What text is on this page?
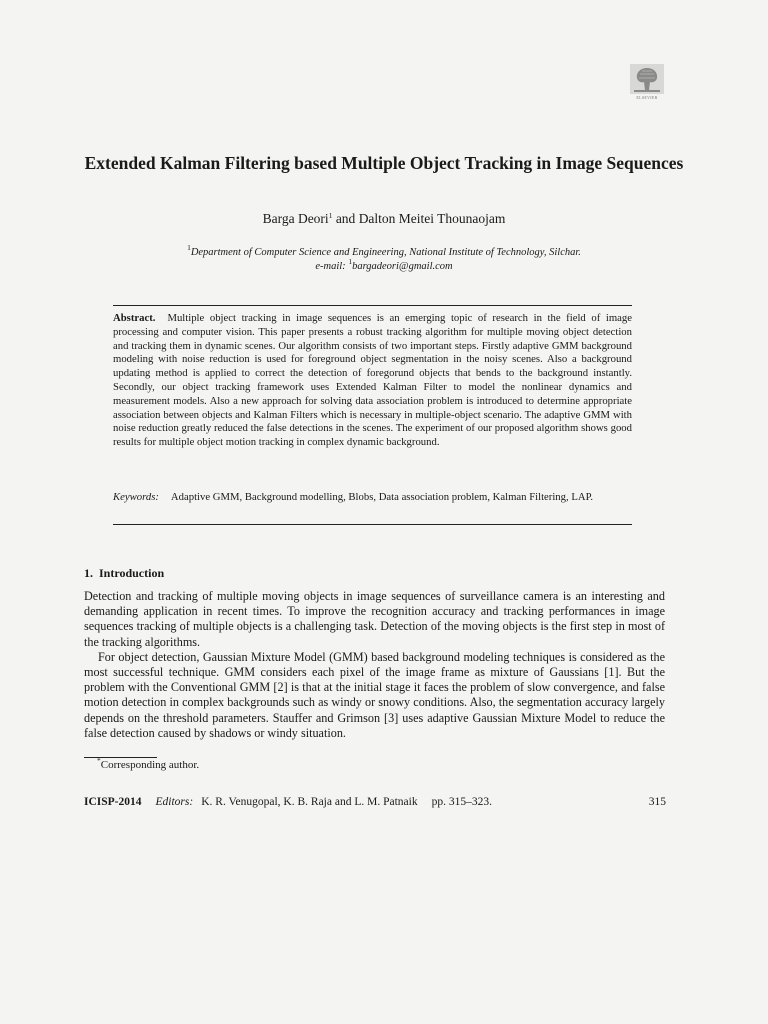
ELSEVIER
Extended Kalman Filtering based Multiple Object Tracking in Image Sequences
Barga Deori$^1$ and Dalton Meitei Thounaojam
$^1$Department of Computer Science and Engineering, National Institute of Technology, Silchar.
e-mail: $^1$bargadeori@gmail.com
Abstract. Multiple object tracking in image sequences is an emerging topic of research in the field of image processing and computer vision. This paper presents a robust tracking algorithm for multiple moving object detection and tracking them in dynamic scenes. Our algorithm consists of two important steps. Firstly adaptive GMM background modeling with noise reduction is used for foreground object segmentation in the noisy scenes. Also a background updating method is applied to correct the detection of foregorund objects that bends to the background instantly. Secondly, our object tracking framework uses Extended Kalman Filter to model the nonlinear dynamics and measurement models. Also a new approach for solving data association problem is introduced to determine appropriate association between objects and Kalman Filters which is necessary in multiple-object scenario. The adaptive GMM with noise reduction greatly reduced the false detections in the scenes. The experiment of our proposed algorithm shows good results for multiple object motion tracking in complex dynamic background.
Keywords: Adaptive GMM, Background modelling, Blobs, Data association problem, Kalman Filtering, LAP.
1. Introduction

Detection and tracking of multiple moving objects in image sequences of surveillance camera is an interesting and demanding application in recent times. To improve the recognition accuracy and tracking performances in image sequences tracking of multiple objects is a challenging task. Detection of the moving objects is the first step in most of the tracking algorithms.

For object detection, Gaussian Mixture Model (GMM) based background modeling techniques is considered as the most successful technique. GMM considers each pixel of the image frame as mixture of Gaussians [1]. But the problem with the Conventional GMM [2] is that at the initial stage it faces the problem of slow convergence, and false motion detection in complex backgrounds such as windy or snowy conditions. Also, the segmentation accuracy largely depends on the threshold parameters. Stauffer and Grimson [3] uses adaptive Gaussian Mixture Model to reduce the false detection caused by shadows or windy situation.

*Corresponding author.
ICISP-2014 Editors: K. R. Venugopal, K. B. Raja and L. M. Patnaik pp. 315–323.	315
